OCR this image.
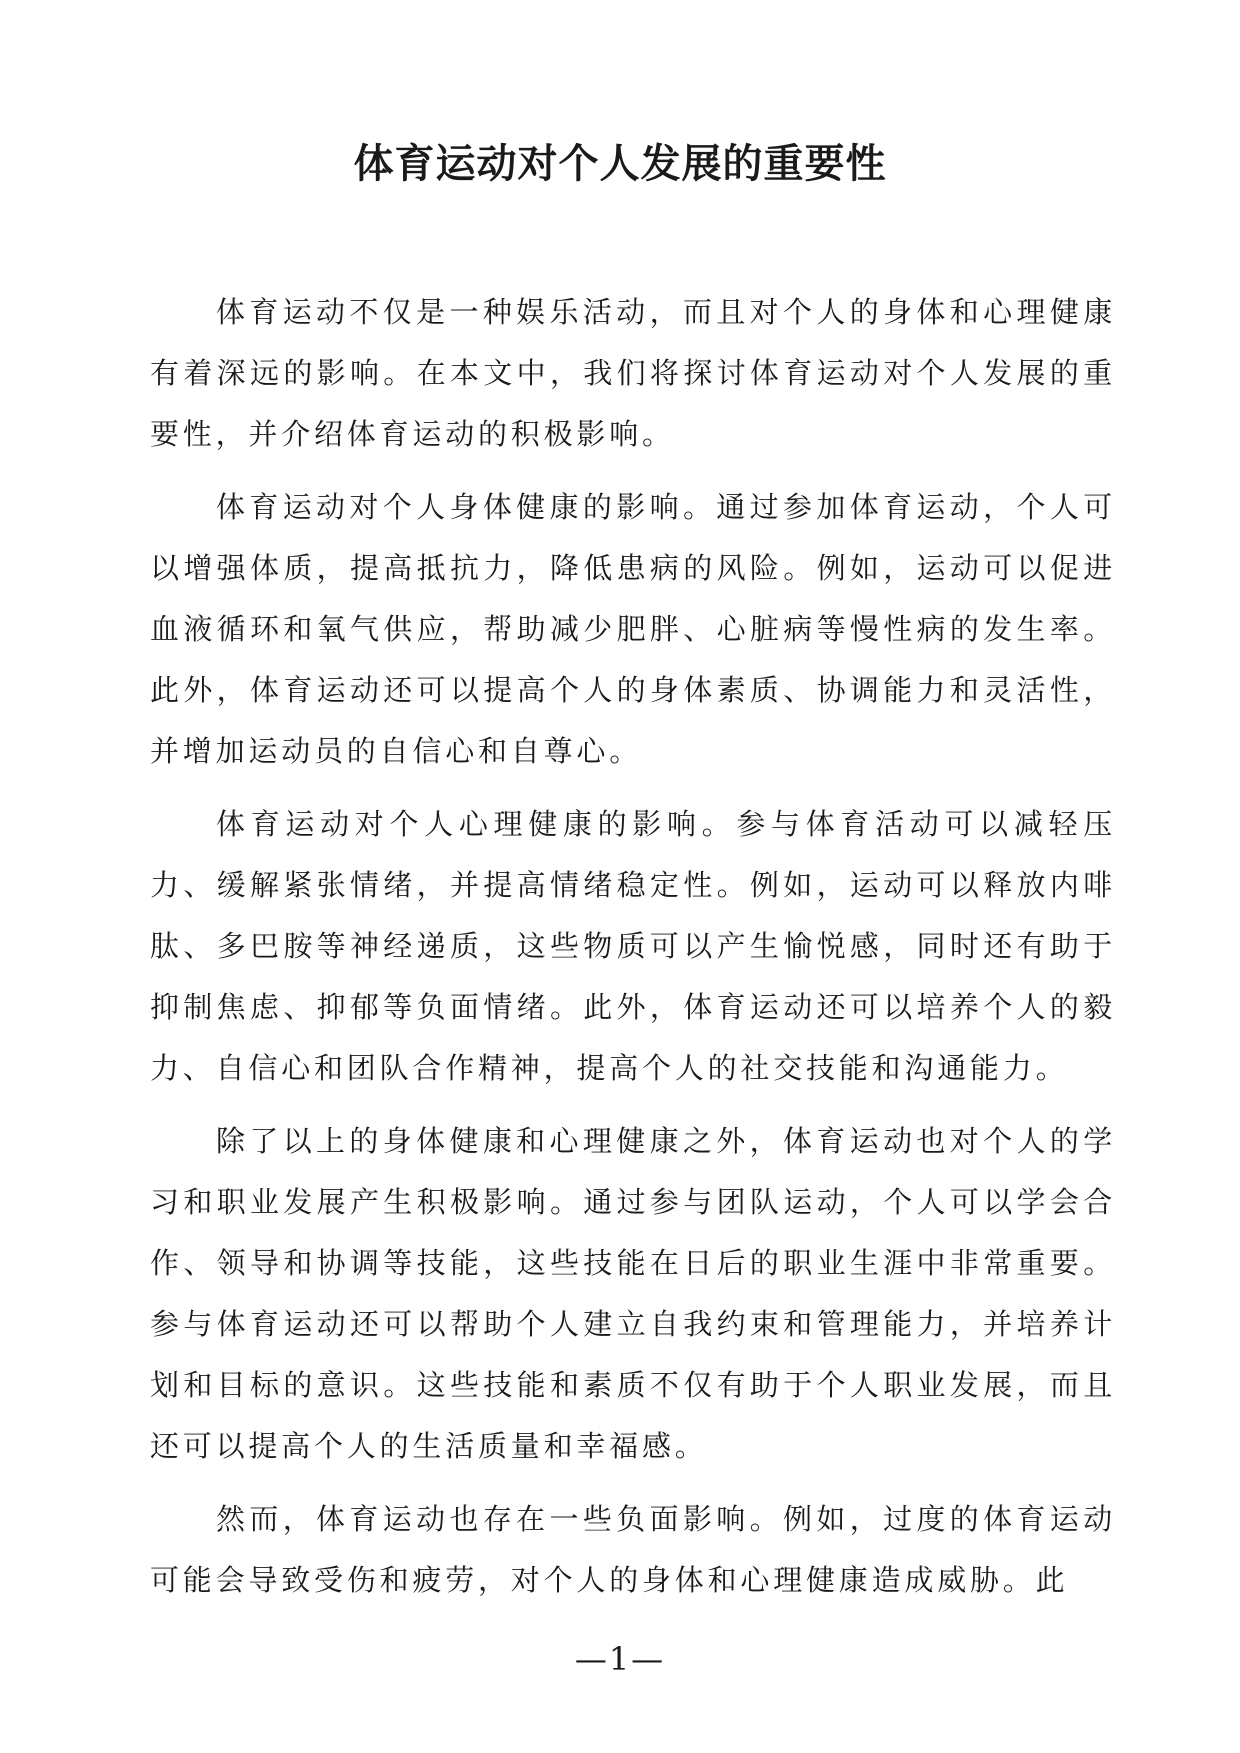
体育运动对个人发展的重要性

体育运动不仅是一种娱乐活动，而且对个人的身体和心理健康有着深远的影响。在本文中，我们将探讨体育运动对个人发展的重要性，并介绍体育运动的积极影响。

体育运动对个人身体健康的影响。通过参加体育运动，个人可以增强体质，提高抵抗力，降低患病的风险。例如，运动可以促进血液循环和氧气供应，帮助减少肥胖、心脏病等慢性病的发生率。此外，体育运动还可以提高个人的身体素质、协调能力和灵活性，并增加运动员的自信心和自尊心。

体育运动对个人心理健康的影响。参与体育活动可以减轻压力、缓解紧张情绪，并提高情绪稳定性。例如，运动可以释放内啡肽、多巴胺等神经递质，这些物质可以产生愉悦感，同时还有助于抑制焦虑、抑郁等负面情绪。此外，体育运动还可以培养个人的毅力、自信心和团队合作精神，提高个人的社交技能和沟通能力。

除了以上的身体健康和心理健康之外，体育运动也对个人的学习和职业发展产生积极影响。通过参与团队运动，个人可以学会合作、领导和协调等技能，这些技能在日后的职业生涯中非常重要。参与体育运动还可以帮助个人建立自我约束和管理能力，并培养计划和目标的意识。这些技能和素质不仅有助于个人职业发展，而且还可以提高个人的生活质量和幸福感。

然而，体育运动也存在一些负面影响。例如，过度的体育运动可能会导致受伤和疲劳，对个人的身体和心理健康造成威胁。此

—1—
